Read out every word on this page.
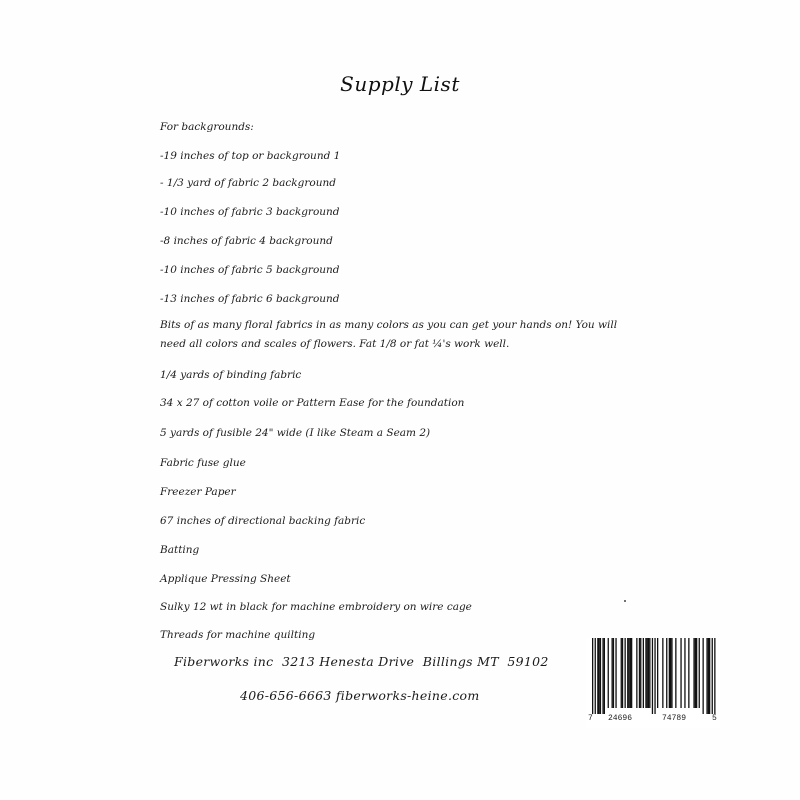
Supply List
For backgrounds:
-19 inches of top or background 1
- 1/3 yard of fabric 2 background
-10 inches of fabric 3 background
-8 inches of fabric 4 background
-10 inches of fabric 5 background
-13 inches of fabric 6 background
Bits of as many floral fabrics in as many colors as you can get your hands on! You will need all colors and scales of flowers. Fat 1/8 or fat ¼'s work well.
1/4 yards of binding fabric
34 x 27 of cotton voile or Pattern Ease for the foundation
5 yards of fusible 24" wide (I like Steam a Seam 2)
Fabric fuse glue
Freezer Paper
67 inches of directional backing fabric
Batting
Applique Pressing Sheet
Sulky 12 wt in black for machine embroidery on wire cage
Threads for machine quilting
Fiberworks inc  3213 Henesta Drive  Billings MT  59102
406-656-6663 fiberworks-heine.com
7 24696	74789	5
